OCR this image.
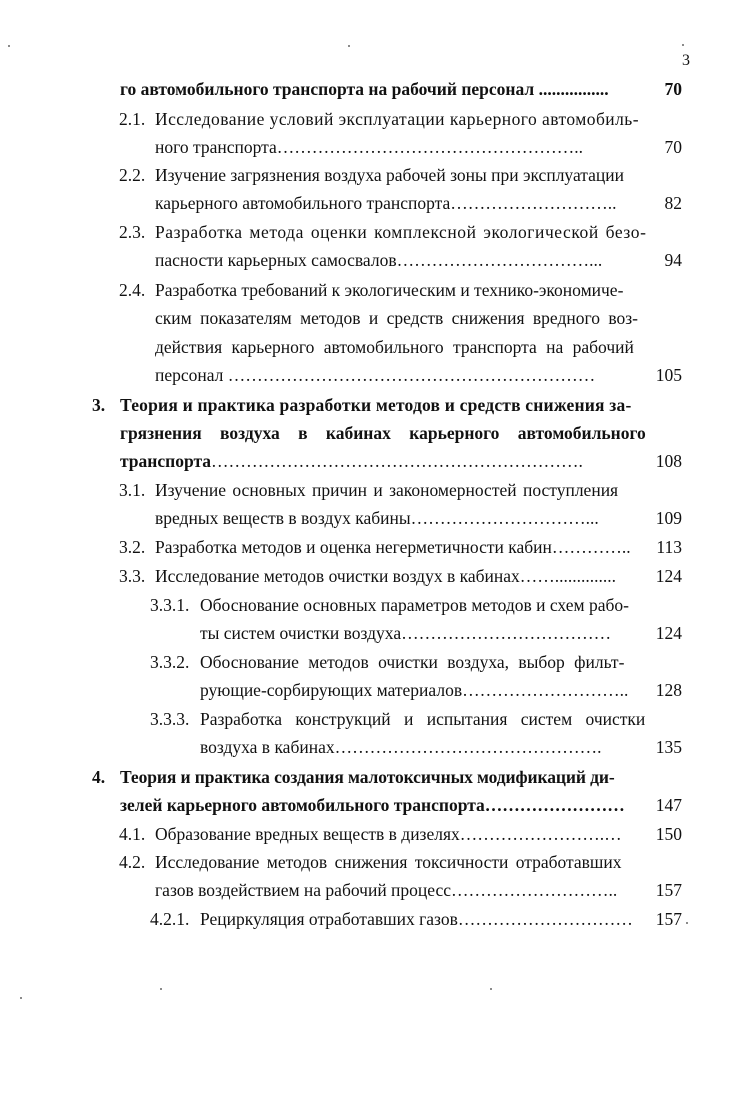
3
го автомобильного транспорта на рабочий персонал ................	70
2.1. Исследование условий эксплуатации карьерного автомобиль-
ного транспорта……………………………………………..	70
2.2. Изучение загрязнения воздуха рабочей зоны при эксплуатации
карьерного автомобильного транспорта………………………..	82
2.3. Разработка метода оценки комплексной экологической безо-
пасности карьерных самосвалов……………………………...	94
2.4. Разработка требований к экологическим и технико-экономиче-
ским показателям методов и средств снижения вредного воз-
действия карьерного автомобильного транспорта на рабочий
персонал ………………………………………………………	105
3. Теория и практика разработки методов и средств снижения за-
грязнения воздуха в кабинах карьерного автомобильного
транспорта……………………………………………………….	108
3.1. Изучение основных причин и закономерностей поступления
вредных веществ в воздух кабины…………………………...	109
3.2. Разработка методов и оценка негерметичности кабин………….. 113
3.3. Исследование методов очистки воздух в кабинах…….............. 124
3.3.1. Обоснование основных параметров методов и схем рабо-
ты систем очистки воздуха………………………………	124
3.3.2. Обоснование методов очистки воздуха, выбор фильт-
рующие-сорбирующих материалов……………………….. 128
3.3.3. Разработка конструкций и испытания систем очистки
воздуха в кабинах……………………………………….	135
4. Теория и практика создания малотоксичных модификаций ди-
зелей карьерного автомобильного транспорта…………………… 147
4.1. Образование вредных веществ в дизелях…………………….… 150
4.2. Исследование методов снижения токсичности отработавших
газов воздействием на рабочий процесс……………………….. 157
4.2.1. Рециркуляция отработавших газов………………………… 157
